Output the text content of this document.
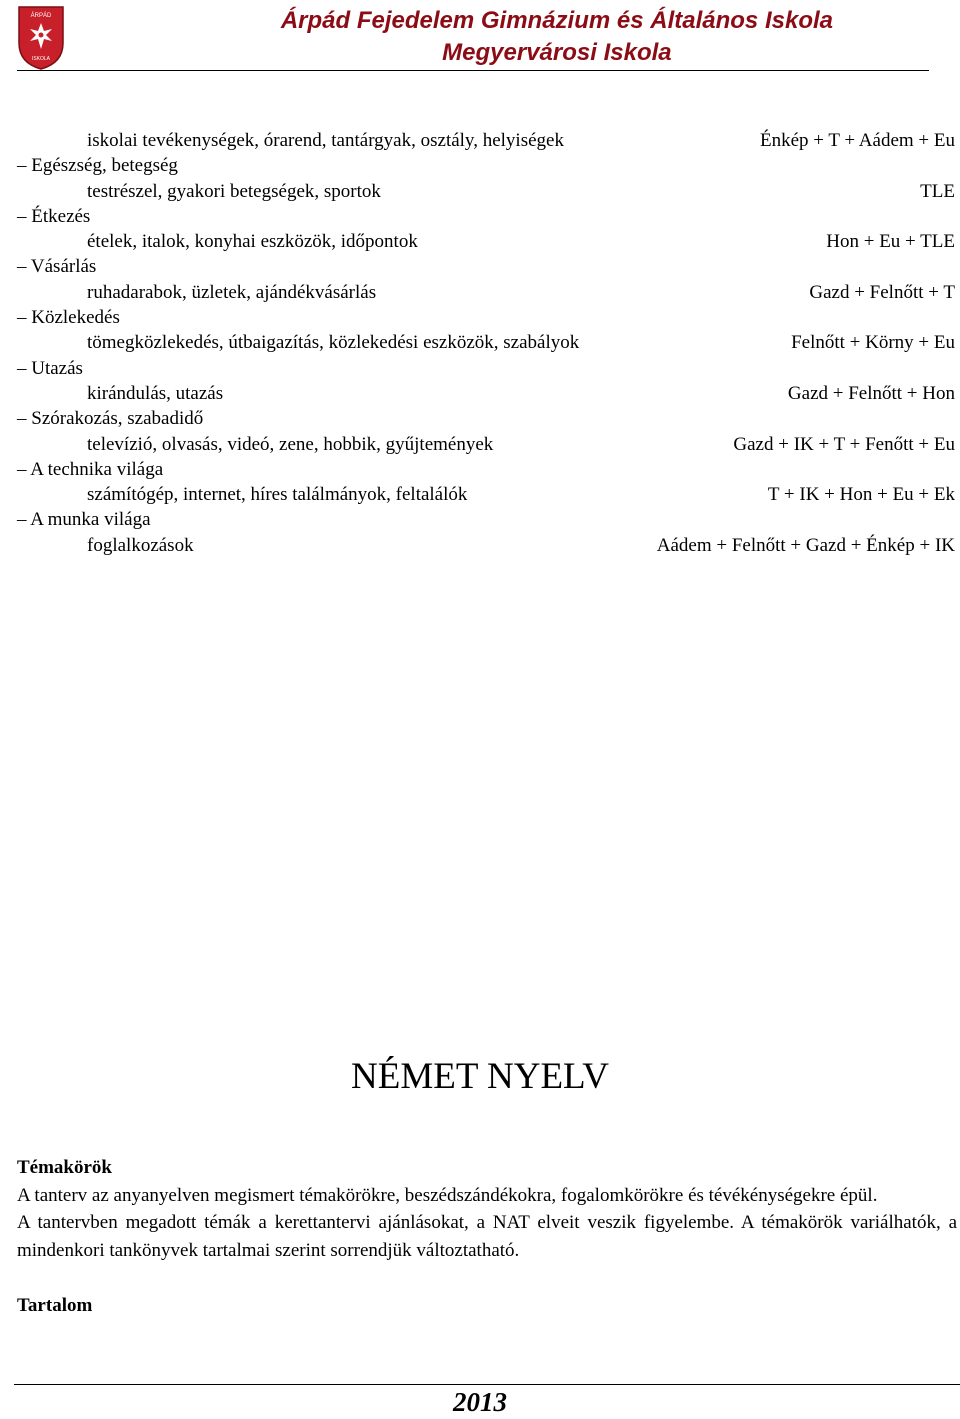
ÁRPÁD
ISKOLA
Árpád Fejedelem Gimnázium és Általános Iskola
Megyervárosi Iskola
iskolai tevékenységek, órarend, tantárgyak, osztály, helyiségek	Énkép + T + Aádem + Eu
– Egészség, betegség
testrészel, gyakori betegségek, sportok	TLE
– Étkezés
ételek, italok, konyhai eszközök, időpontok	Hon + Eu + TLE
– Vásárlás
ruhadarabok, üzletek, ajándékvásárlás	Gazd + Felnőtt + T
– Közlekedés
tömegközlekedés, útbaigazítás, közlekedési eszközök, szabályok	Felnőtt + Körny + Eu
– Utazás
kirándulás, utazás	Gazd + Felnőtt + Hon
– Szórakozás, szabadidő
televízió, olvasás, videó, zene, hobbik, gyűjtemények	Gazd + IK + T + Fenőtt + Eu
– A technika világa
számítógép, internet, híres találmányok, feltalálók	T + IK + Hon + Eu + Ek
– A munka világa
foglalkozások	Aádem + Felnőtt + Gazd + Énkép + IK
NÉMET NYELV

Témakörök

A tanterv az anyanyelven megismert témakörökre, beszédszándékokra, fogalomkörökre és tévékénységekre épül.

A tantervben megadott témák a kerettantervi ajánlásokat, a NAT elveit veszik figyelembe. A témakörök variálhatók, a mindenkori tankönyvek tartalmai szerint sorrendjük változtatható.

Tartalom

2013
